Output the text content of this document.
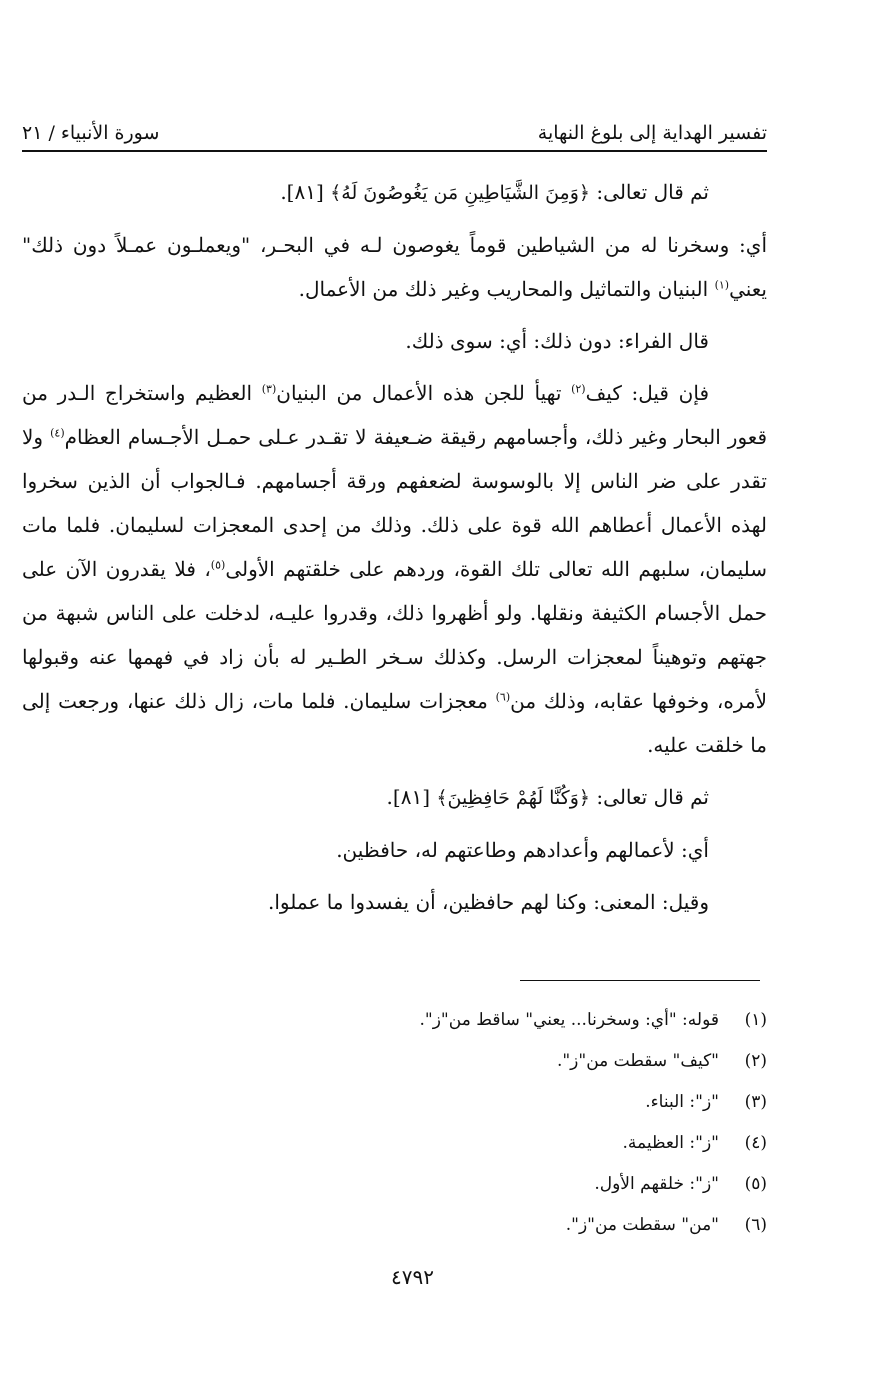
تفسير الهداية إلى بلوغ النهاية
سورة الأنبياء / ٢١

ثم قال تعالى: ﴿وَمِنَ الشَّيَاطِينِ مَن يَغُوصُونَ لَهُ﴾ [٨١].

أي: وسخرنا له من الشياطين قوماً يغوصون لـه في البحـر، "ويعملـون عمـلاً دون ذلك" يعني$^{(١)}$ البنيان والتماثيل والمحاريب وغير ذلك من الأعمال.

قال الفراء: دون ذلك: أي: سوى ذلك.

فإن قيل: كيف$^{(٢)}$ تهيأ للجن هذه الأعمال من البنيان$^{(٣)}$ العظيم واستخراج الـدر من قعور البحار وغير ذلك، وأجسامهم رقيقة ضـعيفة لا تقـدر عـلى حمـل الأجـسام العظام$^{(٤)}$ ولا تقدر على ضر الناس إلا بالوسوسة لضعفهم ورقة أجسامهم. فـالجواب أن الذين سخروا لهذه الأعمال أعطاهم الله قوة على ذلك. وذلك من إحدى المعجزات لسليمان. فلما مات سليمان، سلبهم الله تعالى تلك القوة، وردهم على خلقتهم الأولى$^{(٥)}$، فلا يقدرون الآن على حمل الأجسام الكثيفة ونقلها. ولو أظهروا ذلك، وقدروا عليـه، لدخلت على الناس شبهة من جهتهم وتوهيناً لمعجزات الرسل. وكذلك سـخر الطـير له بأن زاد في فهمها عنه وقبولها لأمره، وخوفها عقابه، وذلك من$^{(٦)}$ معجزات سليمان. فلما مات، زال ذلك عنها، ورجعت إلى ما خلقت عليه.

ثم قال تعالى: ﴿وَكُنَّا لَهُمْ حَافِظِينَ﴾ [٨١].

أي: لأعمالهم وأعدادهم وطاعتهم له، حافظين.

وقيل: المعنى: وكنا لهم حافظين، أن يفسدوا ما عملوا.

(١)
قوله: "أي: وسخرنا... يعني" ساقط من"ز".
(٢)
"كيف" سقطت من"ز".
(٣)
"ز": البناء.
(٤)
"ز": العظيمة.
(٥)
"ز": خلقهم الأول.
(٦)
"من" سقطت من"ز".
٤٧٩٢
